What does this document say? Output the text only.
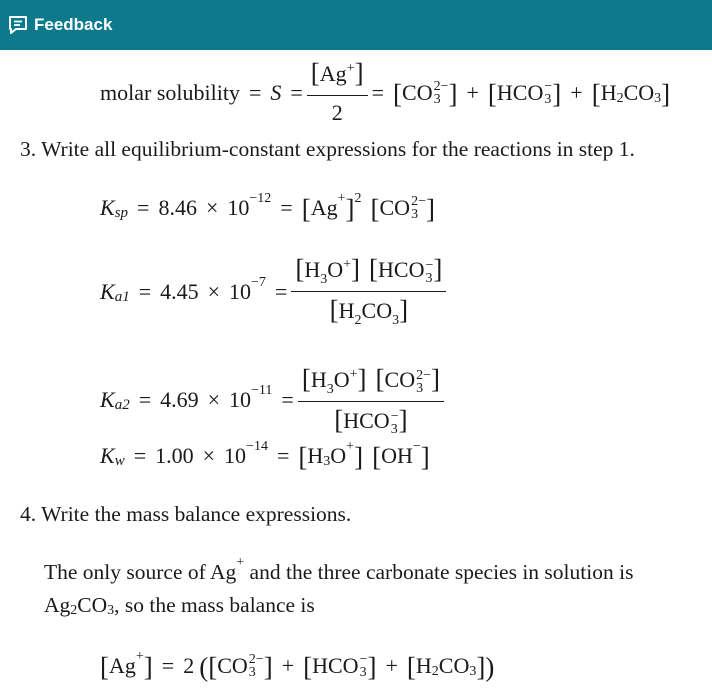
Feedback
molar solubility = $S = \frac{[Ag^+]}{2}$ = [ CO 2−
3 ] + [ HCO −
3 ] + [ H 2 CO 3 ]
3. Write all equilibrium-constant expressions for the reactions in step 1.
K sp = 8.46 × 10 −12 = [ Ag + ] 2 [ CO 2−
3 ]
K $a1 = 4.45 \times 10 -7 = [H_3O^+] [HCO$ −
3 ]
$[H_2CO_3]$
K $a2 = 4.69 \times 10 -11 = [H_3O^+]$ [CO 2−
3 ]
[HCO −
3 ]
K w = 1.00 × 10 −14 = [ H 3 O + ] [ OH − ]
4. Write the mass balance expressions.
The only source of Ag + and the three carbonate species in solution is
Ag 2 CO 3 , so the mass balance is
[ Ag + ] = 2 ( [ CO 2−
3 ] + [ HCO −
3 ] + [ H 2 CO 3 ] )
